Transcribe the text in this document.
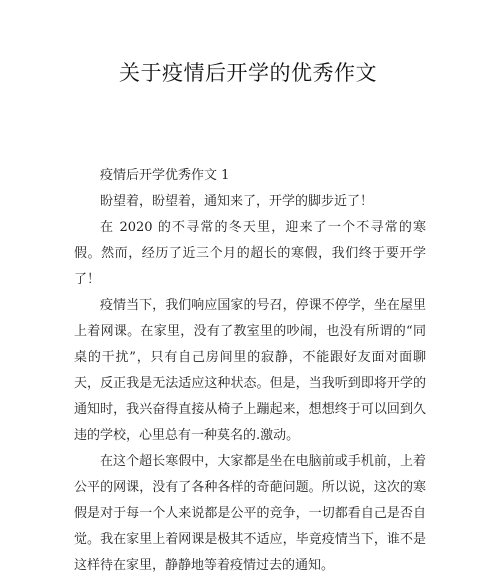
关于疫情后开学的优秀作文

疫情后开学优秀作文 1

盼望着，盼望着，通知来了，开学的脚步近了！

在 2020 的不寻常的冬天里，迎来了一个不寻常的寒假。然而，经历了近三个月的超长的寒假，我们终于要开学了！

疫情当下，我们响应国家的号召，停课不停学，坐在屋里上着网课。在家里，没有了教室里的吵闹，也没有所谓的“同桌的干扰”，只有自己房间里的寂静，不能跟好友面对面聊天，反正我是无法适应这种状态。但是，当我听到即将开学的通知时，我兴奋得直接从椅子上蹦起来，想想终于可以回到久违的学校，心里总有一种莫名的.激动。

在这个超长寒假中，大家都是坐在电脑前或手机前，上着公平的网课，没有了各种各样的奇葩问题。所以说，这次的寒假是对于每一个人来说都是公平的竞争，一切都看自己是否自觉。我在家里上着网课是极其不适应，毕竟疫情当下，谁不是这样待在家里，静静地等着疫情过去的通知。
